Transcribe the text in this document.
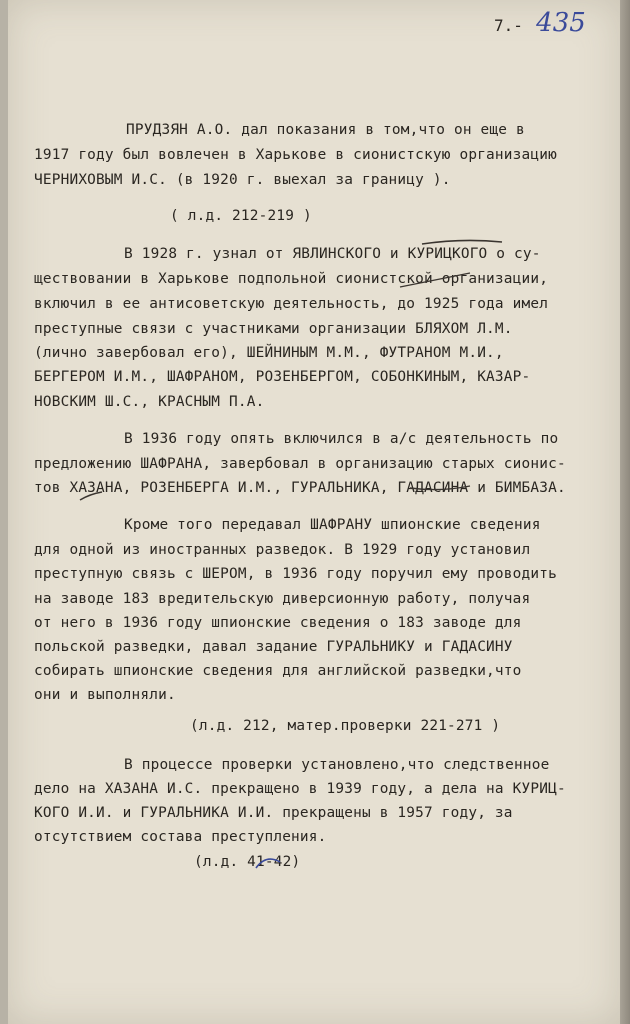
7.- 435
ПРУДЗЯН А.О. дал показания в том,что он еще в
1917 году был вовлечен в Харькове в сионистскую организацию
ЧЕРНИХОВЫМ И.С. (в 1920 г. выехал за границу ).
( л.д. 212-219 )
В 1928 г. узнал от ЯВЛИНСКОГО и КУРИЦКОГО о су-
ществовании в Харькове подпольной сионистской организации,
включил в ее антисоветскую деятельность, до 1925 года имел
преступные связи с участниками организации БЛЯХОМ Л.М.
(лично завербовал его), ШЕЙНИНЫМ М.М., ФУТРАНОМ М.И.,
БЕРГЕРОМ И.М., ШАФРАНОМ, РОЗЕНБЕРГОМ, СОБОНКИНЫМ, КАЗАР-
НОВСКИМ Ш.С., КРАСНЫМ П.А.
В 1936 году опять включился в а/с деятельность по
предложению ШАФРАНА, завербовал в организацию старых сионис-
тов ХАЗАНА, РОЗЕНБЕРГА И.М., ГУРАЛЬНИКА, ГАДАСИНА и БИМБАЗА.
Кроме того передавал ШАФРАНУ шпионские сведения
для одной из иностранных разведок. В 1929 году установил
преступную связь с ШЕРОМ, в 1936 году поручил ему проводить
на заводе 183 вредительскую диверсионную работу, получая
от него в 1936 году шпионские сведения о 183 заводе для
польской разведки, давал задание ГУРАЛЬНИКУ и ГАДАСИНУ
собирать шпионские сведения для английской разведки,что
они и выполняли.
(л.д. 212, матер.проверки 221-271 )
В процессе проверки установлено,что следственное
дело на ХАЗАНА И.С. прекращено в 1939 году, а дела на КУРИЦ-
КОГО И.И. и ГУРАЛЬНИКА И.И. прекращены в 1957 году, за
отсутствием состава преступления.
(л.д. 41-42)
